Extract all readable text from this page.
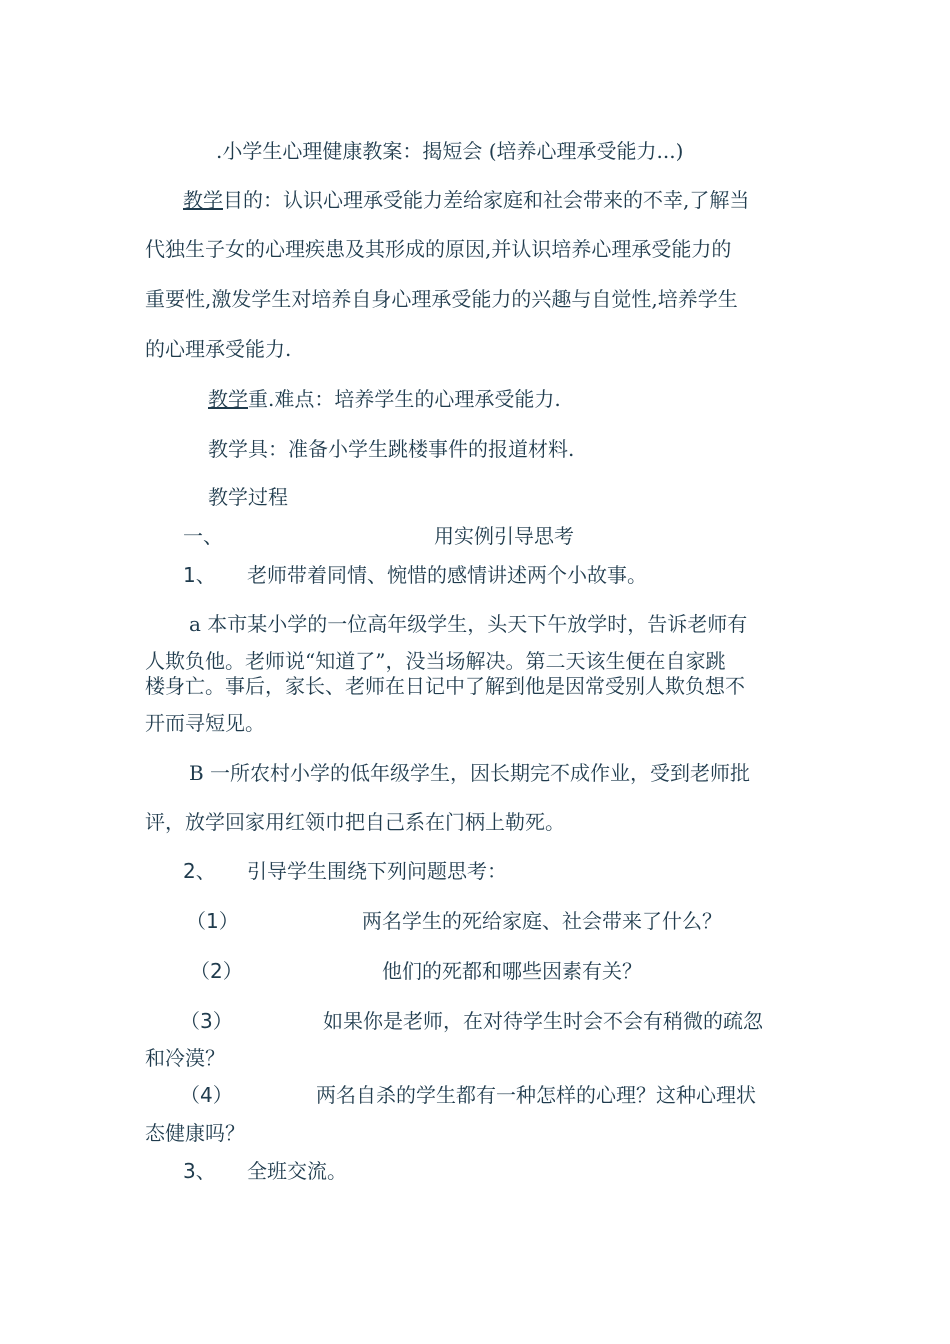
.小学生心理健康教案：揭短会 (培养心理承受能力...)
教学目的：认识心理承受能力差给家庭和社会带来的不幸,了解当
代独生子女的心理疾患及其形成的原因,并认识培养心理承受能力的
重要性,激发学生对培养自身心理承受能力的兴趣与自觉性,培养学生
的心理承受能力.
教学重.难点：培养学生的心理承受能力.
教学具：准备小学生跳楼事件的报道材料.
教学过程
一、	用实例引导思考
1、 老师带着同情、惋惜的感情讲述两个小故事。
a 本市某小学的一位高年级学生，头天下午放学时，告诉老师有
人欺负他。老师说“知道了”，没当场解决。第二天该生便在自家跳
楼身亡。事后，家长、老师在日记中了解到他是因常受别人欺负想不
开而寻短见。
B 一所农村小学的低年级学生，因长期完不成作业，受到老师批
评，放学回家用红领巾把自己系在门柄上勒死。
2、 引导学生围绕下列问题思考：
（1）	两名学生的死给家庭、社会带来了什么？
（2）	他们的死都和哪些因素有关？
（3）	如果你是老师，在对待学生时会不会有稍微的疏忽
和冷漠？
（4）	两名自杀的学生都有一种怎样的心理？这种心理状
态健康吗？
3、 全班交流。
